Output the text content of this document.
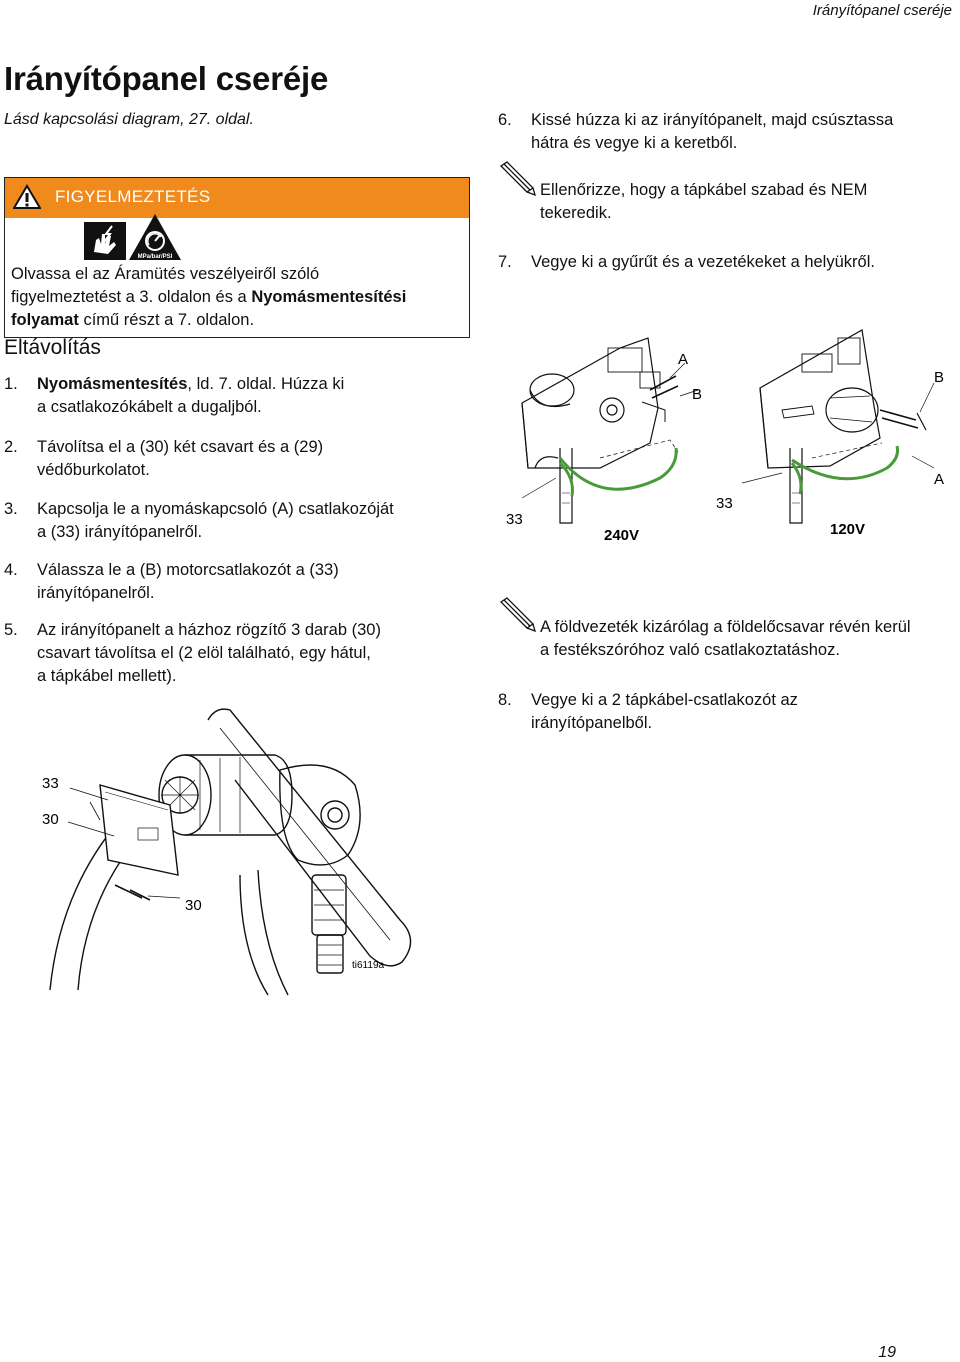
Irányítópanel cseréje
Irányítópanel cseréje
Lásd kapcsolási diagram, 27. oldal.
FIGYELMEZTETÉS
MPa/bar/PSI
Olvassa el az Áramütés veszélyeiről szóló
figyelmeztetést a 3. oldalon és a Nyomásmentesítési
folyamat című részt a 7. oldalon.
Eltávolítás
1. Nyomásmentesítés, ld. 7. oldal. Húzza ki
a csatlakozókábelt a dugaljból.
2. Távolítsa el a (30) két csavart és a (29)
védőburkolatot.
3. Kapcsolja le a nyomáskapcsoló (A) csatlakozóját
a (33) irányítópanelről.
4. Válassza le a (B) motorcsatlakozót a (33)
irányítópanelről.
5. Az irányítópanelt a házhoz rögzítő 3 darab (30)
csavart távolítsa el (2 elöl található, egy hátul,
a tápkábel mellett).
33
30
30
ti6119a
6. Kissé húzza ki az irányítópanelt, majd csúsztassa
hátra és vegye ki a keretből.
Ellenőrizze, hogy a tápkábel szabad és NEM
tekeredik.
7. Vegye ki a gyűrűt és a vezetékeket a helyükről.
A
B
33
240V
B
A
33
120V
A földvezeték kizárólag a földelőcsavar révén kerül
a festékszóróhoz való csatlakoztatáshoz.
8. Vegye ki a 2 tápkábel-csatlakozót az
irányítópanelből.
19
